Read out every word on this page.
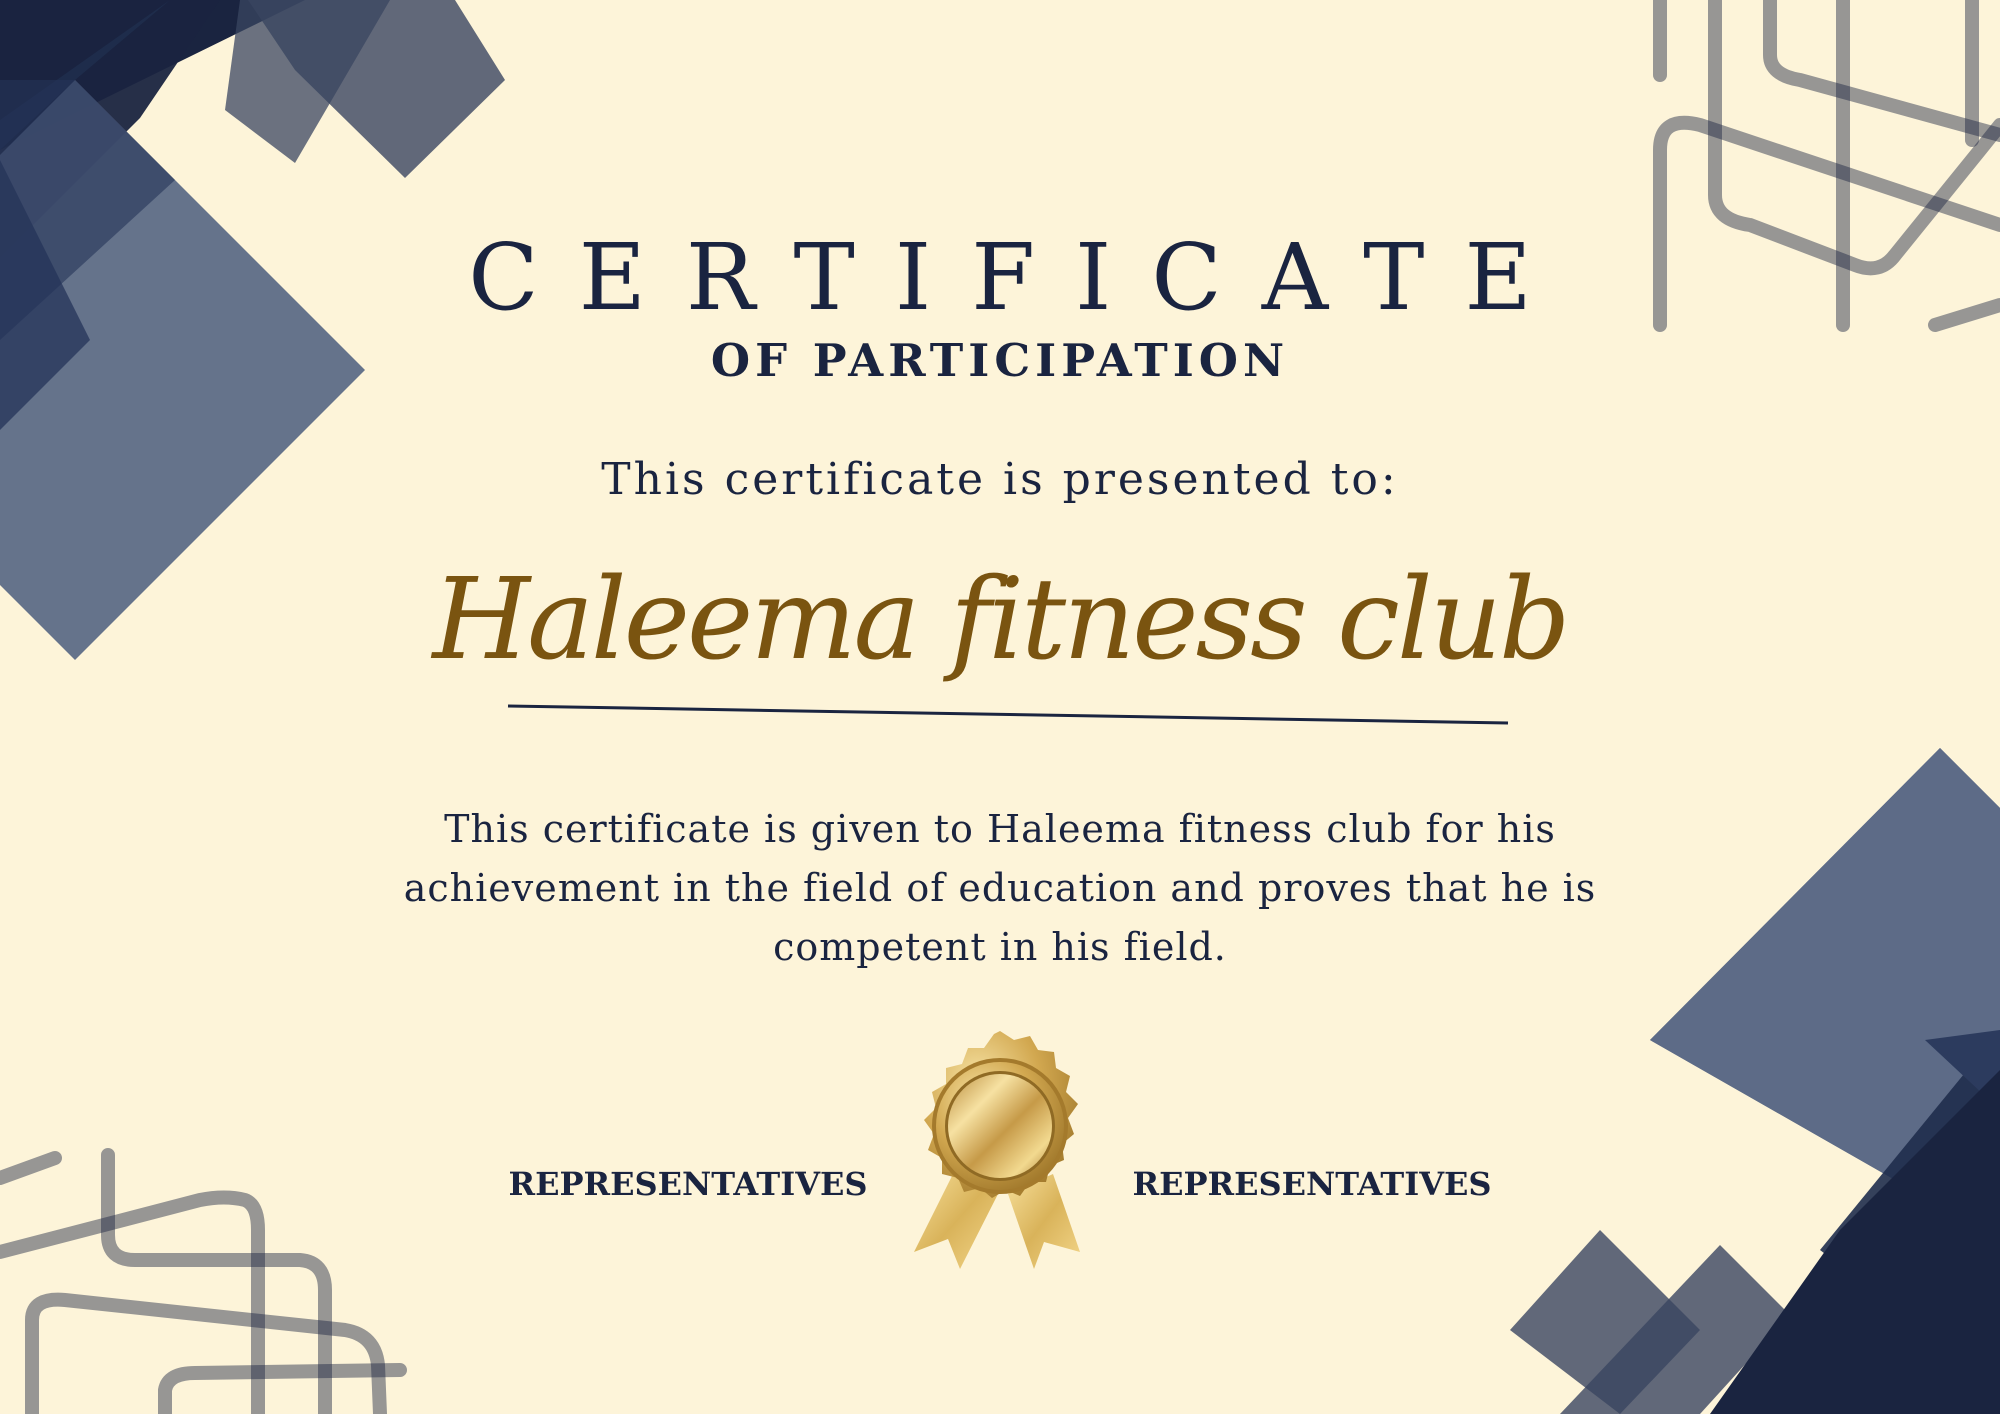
CERTIFICATE
OF PARTICIPATION
This certificate is presented to:
Haleema fitness club

This certificate is given to Haleema fitness club for his achievement in the field of education and proves that he is competent in his field.

REPRESENTATIVES	REPRESENTATIVES
